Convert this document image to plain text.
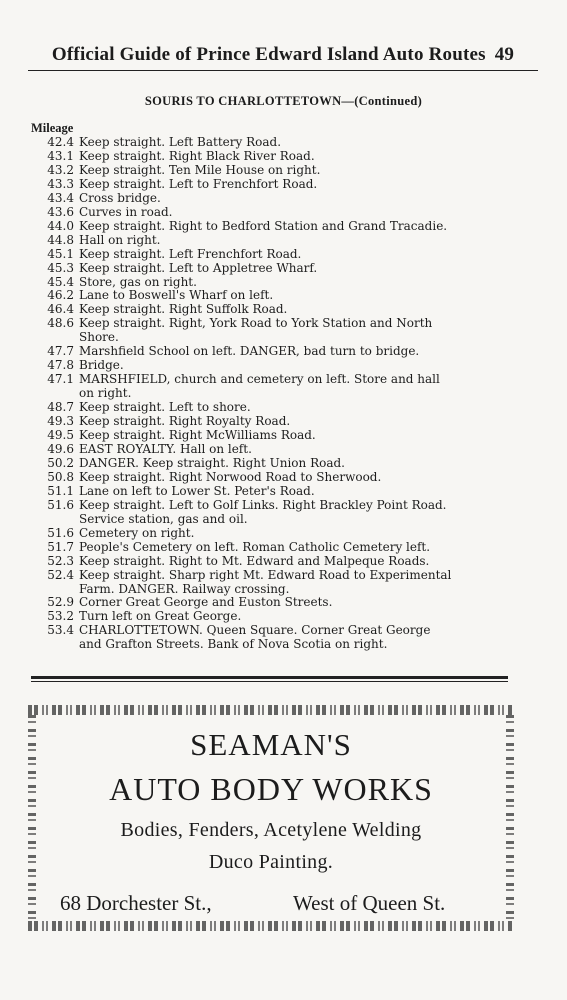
Official Guide of Prince Edward Island Auto Routes 49
SOURIS TO CHARLOTTETOWN—(Continued)
Mileage
42.4 Keep straight. Left Battery Road.
43.1 Keep straight. Right Black River Road.
43.2 Keep straight. Ten Mile House on right.
43.3 Keep straight. Left to Frenchfort Road.
43.4 Cross bridge.
43.6 Curves in road.
44.0 Keep straight. Right to Bedford Station and Grand Tracadie.
44.8 Hall on right.
45.1 Keep straight. Left Frenchfort Road.
45.3 Keep straight. Left to Appletree Wharf.
45.4 Store, gas on right.
46.2 Lane to Boswell's Wharf on left.
46.4 Keep straight. Right Suffolk Road.
48.6 Keep straight. Right, York Road to York Station and North
Shore.
47.7 Marshfield School on left. DANGER, bad turn to bridge.
47.8 Bridge.
47.1 MARSHFIELD, church and cemetery on left. Store and hall
on right.
48.7 Keep straight. Left to shore.
49.3 Keep straight. Right Royalty Road.
49.5 Keep straight. Right McWilliams Road.
49.6 EAST ROYALTY. Hall on left.
50.2 DANGER. Keep straight. Right Union Road.
50.8 Keep straight. Right Norwood Road to Sherwood.
51.1 Lane on left to Lower St. Peter's Road.
51.6 Keep straight. Left to Golf Links. Right Brackley Point Road.
Service station, gas and oil.
51.6 Cemetery on right.
51.7 People's Cemetery on left. Roman Catholic Cemetery left.
52.3 Keep straight. Right to Mt. Edward and Malpeque Roads.
52.4 Keep straight. Sharp right Mt. Edward Road to Experimental
Farm. DANGER. Railway crossing.
52.9 Corner Great George and Euston Streets.
53.2 Turn left on Great George.
53.4 CHARLOTTETOWN. Queen Square. Corner Great George
and Grafton Streets. Bank of Nova Scotia on right.
SEAMAN'S
AUTO BODY WORKS
Bodies, Fenders, Acetylene Welding
Duco Painting.
68 Dorchester St.,	West of Queen St.
